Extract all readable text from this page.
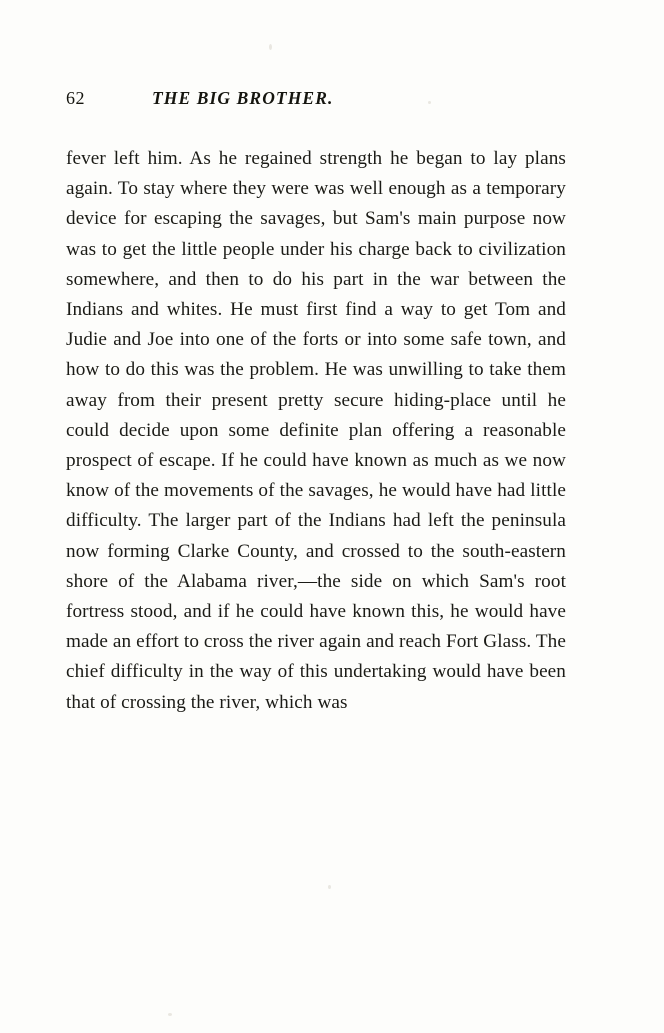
62	THE BIG BROTHER.

fever left him. As he regained strength he began to lay plans again. To stay where they were was well enough as a temporary device for escaping the savages, but Sam's main purpose now was to get the little people under his charge back to civilization somewhere, and then to do his part in the war between the Indians and whites. He must first find a way to get Tom and Judie and Joe into one of the forts or into some safe town, and how to do this was the problem. He was unwilling to take them away from their present pretty secure hiding-place until he could decide upon some definite plan offering a reasonable prospect of escape. If he could have known as much as we now know of the movements of the savages, he would have had little difficulty. The larger part of the Indians had left the peninsula now forming Clarke County, and crossed to the south-eastern shore of the Alabama river,—the side on which Sam's root fortress stood, and if he could have known this, he would have made an effort to cross the river again and reach Fort Glass. The chief difficulty in the way of this undertaking would have been that of crossing the river, which was
